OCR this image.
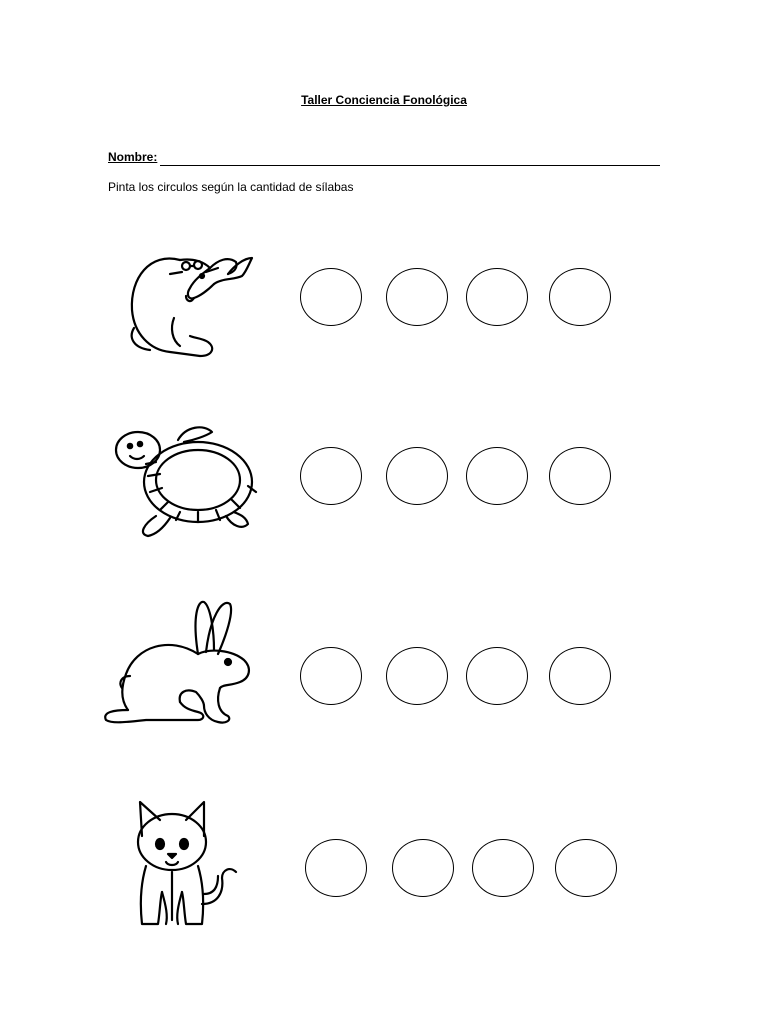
Taller Conciencia Fonológica
Nombre:
Pinta los circulos según la cantidad de sílabas
